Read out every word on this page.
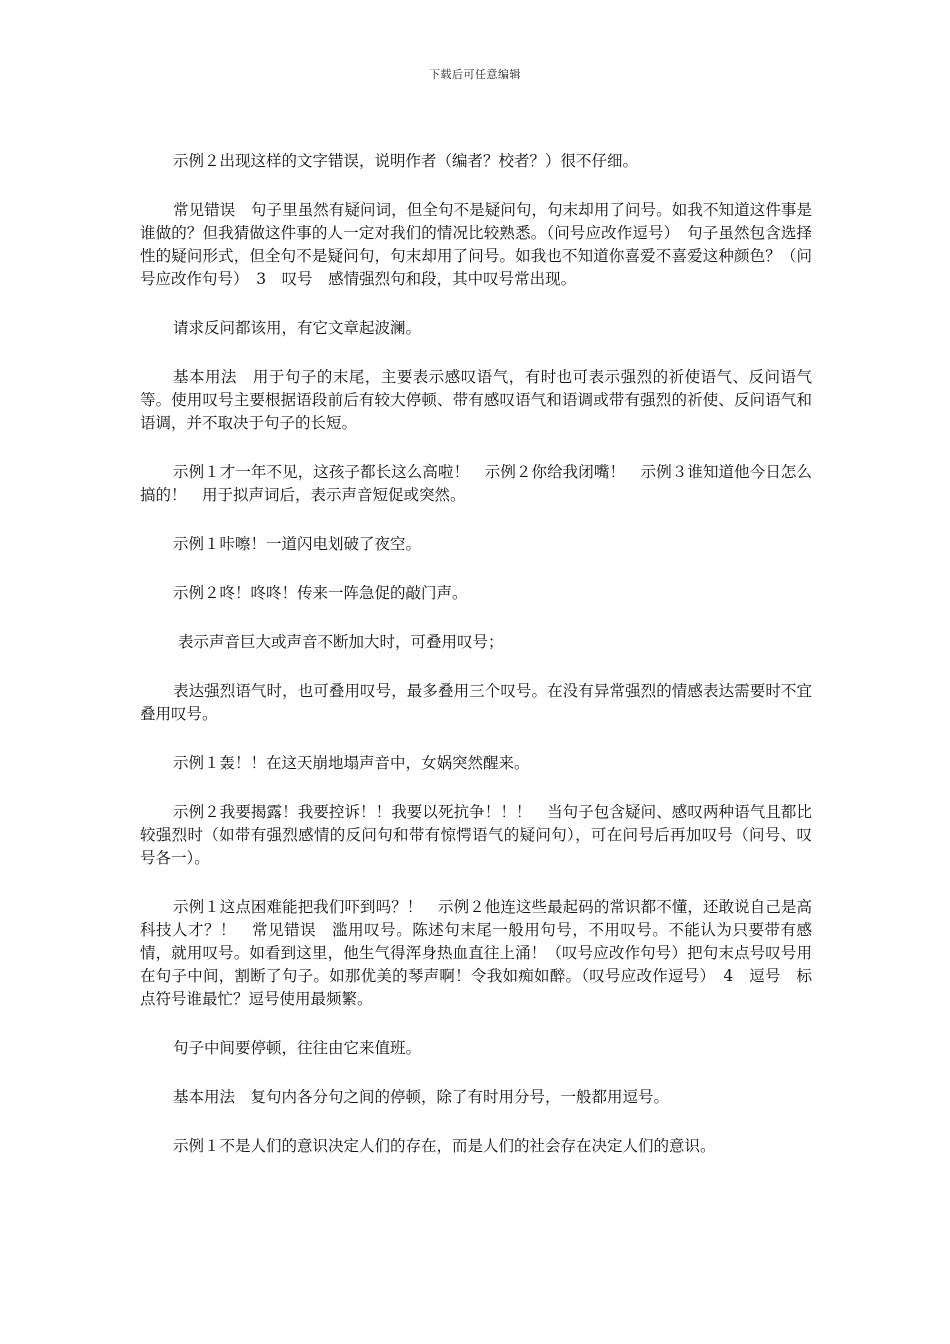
下载后可任意编辑

示例２出现这样的文字错误，说明作者（编者？校者？）很不仔细。

常见错误　句子里虽然有疑问词，但全句不是疑问句，句末却用了问号。如我不知道这件事是谁做的？但我猜做这件事的人一定对我们的情况比较熟悉。（问号应改作逗号）　句子虽然包含选择性的疑问形式，但全句不是疑问句，句末却用了问号。如我也不知道你喜爱不喜爱这种颜色？（问号应改作句号）　3　叹号　感情强烈句和段，其中叹号常出现。

请求反问都该用，有它文章起波澜。

基本用法　用于句子的末尾，主要表示感叹语气，有时也可表示强烈的祈使语气、反问语气等。使用叹号主要根据语段前后有较大停顿、带有感叹语气和语调或带有强烈的祈使、反问语气和语调，并不取决于句子的长短。

示例１才一年不见，这孩子都长这么高啦！　示例２你给我闭嘴！　示例３谁知道他今日怎么搞的！　用于拟声词后，表示声音短促或突然。

示例１咔嚓！一道闪电划破了夜空。

示例２咚！咚咚！传来一阵急促的敲门声。

表示声音巨大或声音不断加大时，可叠用叹号；

表达强烈语气时，也可叠用叹号，最多叠用三个叹号。在没有异常强烈的情感表达需要时不宜叠用叹号。

示例１轰！！在这天崩地塌声音中，女娲突然醒来。

示例２我要揭露！我要控诉！！我要以死抗争！！！　当句子包含疑问、感叹两种语气且都比较强烈时（如带有强烈感情的反问句和带有惊愕语气的疑问句），可在问号后再加叹号（问号、叹号各一）。

示例１这点困难能把我们吓到吗？！　示例２他连这些最起码的常识都不懂，还敢说自己是高科技人才？！　常见错误　滥用叹号。陈述句末尾一般用句号，不用叹号。不能认为只要带有感情，就用叹号。如看到这里，他生气得浑身热血直往上涌！（叹号应改作句号）把句末点号叹号用在句子中间，割断了句子。如那优美的琴声啊！令我如痴如醉。（叹号应改作逗号）　4　逗号　标点符号谁最忙？逗号使用最频繁。

句子中间要停顿，往往由它来值班。

基本用法　复句内各分句之间的停顿，除了有时用分号，一般都用逗号。

示例１不是人们的意识决定人们的存在，而是人们的社会存在决定人们的意识。
